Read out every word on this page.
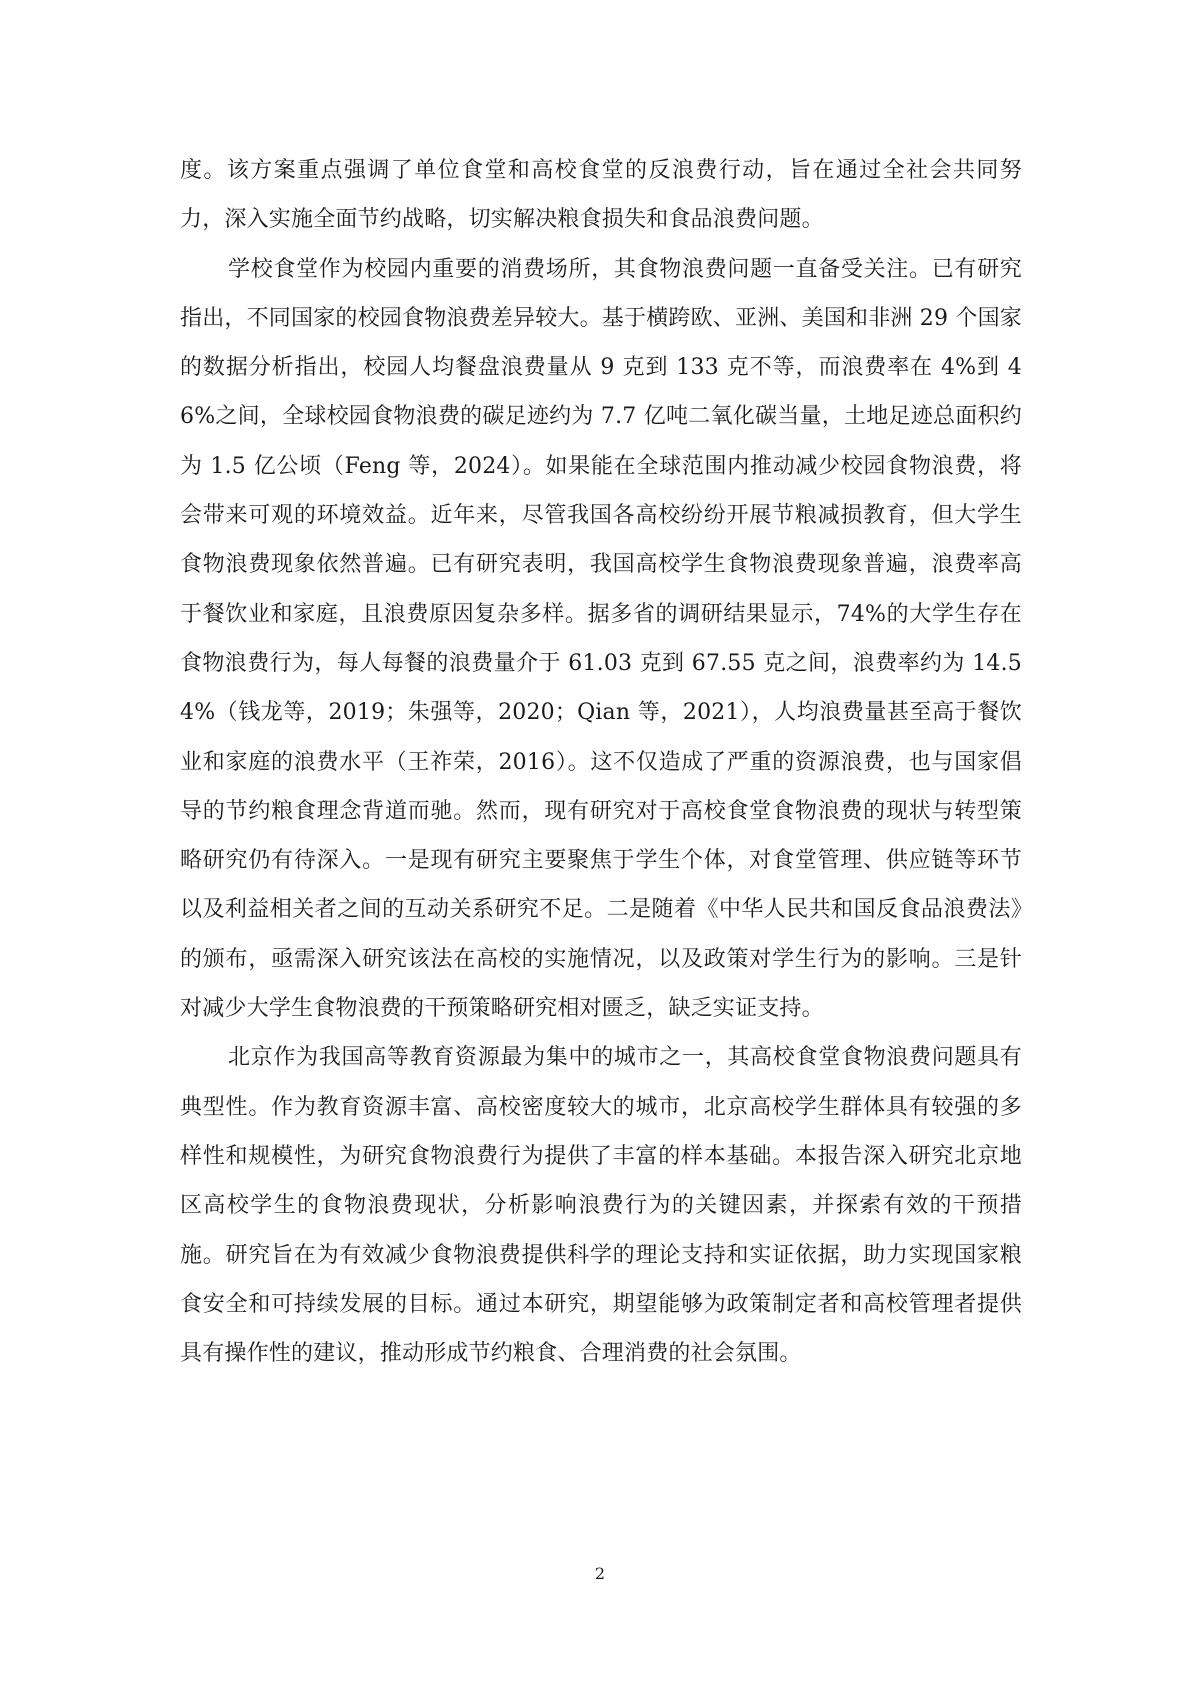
度。该方案重点强调了单位食堂和高校食堂的反浪费行动，旨在通过全社会共同努力，深入实施全面节约战略，切实解决粮食损失和食品浪费问题。

学校食堂作为校园内重要的消费场所，其食物浪费问题一直备受关注。已有研究指出，不同国家的校园食物浪费差异较大。基于横跨欧、亚洲、美国和非洲 29 个国家的数据分析指出，校园人均餐盘浪费量从 9 克到 133 克不等，而浪费率在 4%到 46%之间，全球校园食物浪费的碳足迹约为 7.7 亿吨二氧化碳当量，土地足迹总面积约为 1.5 亿公顷（Feng 等，2024）。如果能在全球范围内推动减少校园食物浪费，将会带来可观的环境效益。近年来，尽管我国各高校纷纷开展节粮减损教育，但大学生食物浪费现象依然普遍。已有研究表明，我国高校学生食物浪费现象普遍，浪费率高于餐饮业和家庭，且浪费原因复杂多样。据多省的调研结果显示，74%的大学生存在食物浪费行为，每人每餐的浪费量介于 61.03 克到 67.55 克之间，浪费率约为 14.54%（钱龙等，2019；朱强等，2020；Qian 等，2021），人均浪费量甚至高于餐饮业和家庭的浪费水平（王祚荣，2016）。这不仅造成了严重的资源浪费，也与国家倡导的节约粮食理念背道而驰。然而，现有研究对于高校食堂食物浪费的现状与转型策略研究仍有待深入。一是现有研究主要聚焦于学生个体，对食堂管理、供应链等环节以及利益相关者之间的互动关系研究不足。二是随着《中华人民共和国反食品浪费法》的颁布，亟需深入研究该法在高校的实施情况，以及政策对学生行为的影响。三是针对减少大学生食物浪费的干预策略研究相对匮乏，缺乏实证支持。

北京作为我国高等教育资源最为集中的城市之一，其高校食堂食物浪费问题具有典型性。作为教育资源丰富、高校密度较大的城市，北京高校学生群体具有较强的多样性和规模性，为研究食物浪费行为提供了丰富的样本基础。本报告深入研究北京地区高校学生的食物浪费现状，分析影响浪费行为的关键因素，并探索有效的干预措施。研究旨在为有效减少食物浪费提供科学的理论支持和实证依据，助力实现国家粮食安全和可持续发展的目标。通过本研究，期望能够为政策制定者和高校管理者提供具有操作性的建议，推动形成节约粮食、合理消费的社会氛围。

2
